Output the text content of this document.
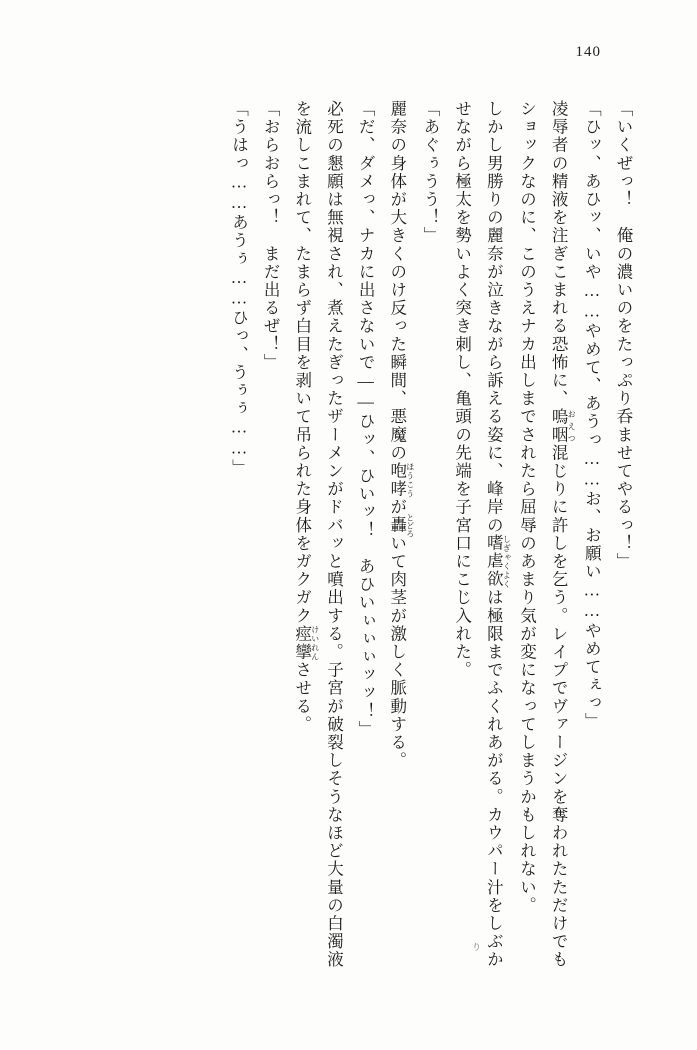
140

「いくぜっ！　俺の濃いのをたっぷり呑ませてやるっ！」

「ひッ、あひッ、いや……やめて、あうっ……お、お願い……やめてぇっ」

凌辱者の精液を注ぎこまれる恐怖に、嗚咽 おえつ混じりに許しを乞う。レイプでヴァージンを奪われたただけでもショックなのに、このうえナカ出しまでされたら屈辱のあまり気が変になってしまうかもしれない。

しかし男勝りの麗奈が泣きながら訴える姿に、峰岸の嗜虐欲 しぎゃくよくは極限までふくれあがる。カウパー汁をしぶかせながら極太を勢いよく突き刺し、亀頭の先端を子宮口にこじ入れた。

「あぐぅうう！」

麗奈の身体が大きくのけ反った瞬間、悪魔の咆哮 ほうこうが轟 とどろいて肉茎が激しく脈動する。

「だ、ダメっ、ナカに出さないで——ひッ、ひいッ！　あひいぃぃぃッッ！」

必死の懇願は無視され、煮えたぎったザーメンがドバッと噴出する。子宮が破裂しそうなほど大量の白濁液を流しこまれて、たまらず白目を剥いて吊られた身体をガクガク痙攣 けいれんさせる。

「おらおらっ！　まだ出るぜ！」

「うはっ……あうぅ……ひっ、うぅぅ……」

り
